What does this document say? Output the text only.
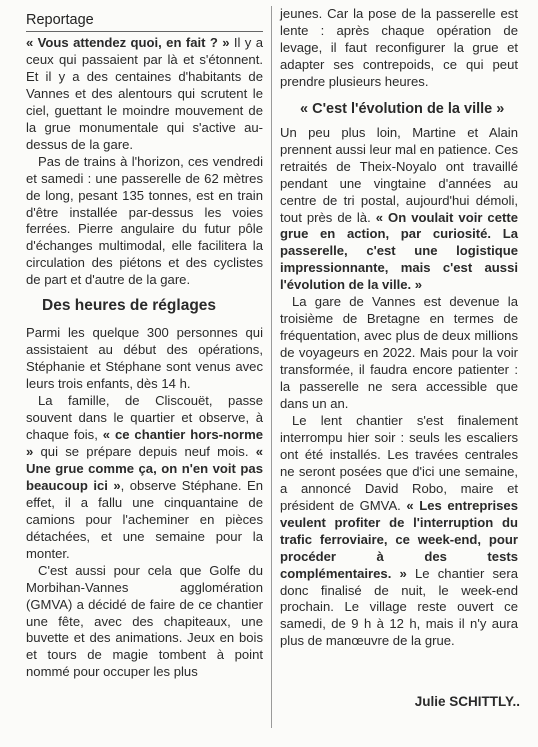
Reportage

« Vous attendez quoi, en fait ? » Il y a ceux qui passaient par là et s'étonnent. Et il y a des centaines d'habitants de Vannes et des alentours qui scrutent le ciel, guettant le moindre mouvement de la grue monumentale qui s'active au-dessus de la gare.

Pas de trains à l'horizon, ces vendredi et samedi : une passerelle de 62 mètres de long, pesant 135 tonnes, est en train d'être installée par-dessus les voies ferrées. Pierre angulaire du futur pôle d'échanges multimodal, elle facilitera la circulation des piétons et des cyclistes de part et d'autre de la gare.

Des heures de réglages

Parmi les quelque 300 personnes qui assistaient au début des opérations, Stéphanie et Stéphane sont venus avec leurs trois enfants, dès 14 h.

La famille, de Cliscouët, passe souvent dans le quartier et observe, à chaque fois, « ce chantier hors-norme » qui se prépare depuis neuf mois. « Une grue comme ça, on n'en voit pas beaucoup ici », observe Stéphane. En effet, il a fallu une cinquantaine de camions pour l'acheminer en pièces détachées, et une semaine pour la monter.

C'est aussi pour cela que Golfe du Morbihan-Vannes agglomération (GMVA) a décidé de faire de ce chantier une fête, avec des chapiteaux, une buvette et des animations. Jeux en bois et tours de magie tombent à point nommé pour occuper les plus

jeunes. Car la pose de la passerelle est lente : après chaque opération de levage, il faut reconfigurer la grue et adapter ses contrepoids, ce qui peut prendre plusieurs heures.

« C'est l'évolution de la ville »

Un peu plus loin, Martine et Alain prennent aussi leur mal en patience. Ces retraités de Theix-Noyalo ont travaillé pendant une vingtaine d'années au centre de tri postal, aujourd'hui démoli, tout près de là. « On voulait voir cette grue en action, par curiosité. La passerelle, c'est une logistique impressionnante, mais c'est aussi l'évolution de la ville. »

La gare de Vannes est devenue la troisième de Bretagne en termes de fréquentation, avec plus de deux millions de voyageurs en 2022. Mais pour la voir transformée, il faudra encore patienter : la passerelle ne sera accessible que dans un an.

Le lent chantier s'est finalement interrompu hier soir : seuls les escaliers ont été installés. Les travées centrales ne seront posées que d'ici une semaine, a annoncé David Robo, maire et président de GMVA. « Les entreprises veulent profiter de l'interruption du trafic ferroviaire, ce week-end, pour procéder à des tests complémentaires. » Le chantier sera donc finalisé de nuit, le week-end prochain. Le village reste ouvert ce samedi, de 9 h à 12 h, mais il n'y aura plus de manœuvre de la grue.

Julie SCHITTLY..
